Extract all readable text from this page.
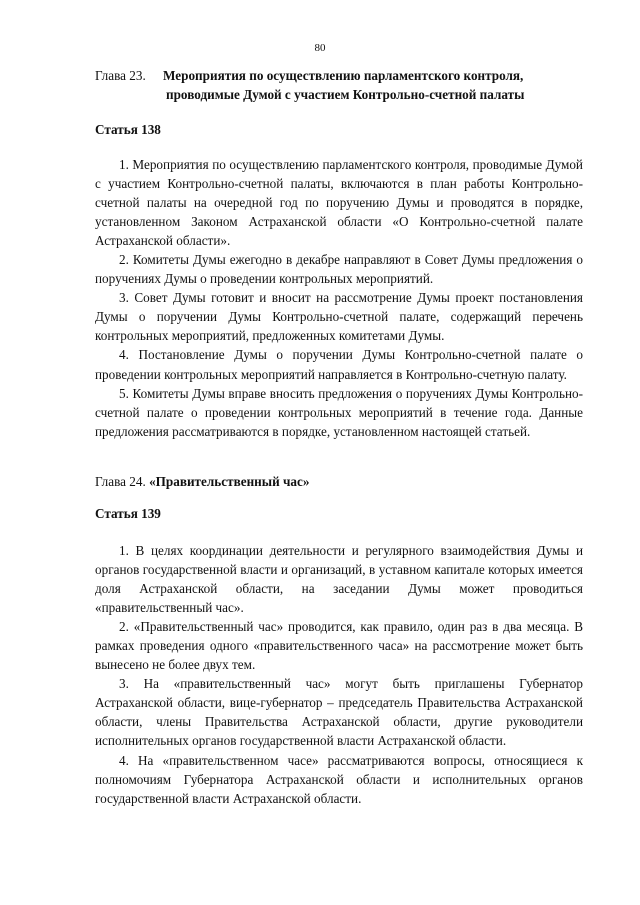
80
Глава 23. Мероприятия по осуществлению парламентского контроля,
проводимые Думой с участием Контрольно-счетной палаты
Статья 138

1. Мероприятия по осуществлению парламентского контроля, проводимые Думой с участием Контрольно-счетной палаты, включаются в план работы Контрольно-счетной палаты на очередной год по поручению Думы и проводятся в порядке, установленном Законом Астраханской области «О Контрольно-счетной палате Астраханской области».

2. Комитеты Думы ежегодно в декабре направляют в Совет Думы предложения о поручениях Думы о проведении контрольных мероприятий.

3. Совет Думы готовит и вносит на рассмотрение Думы проект постановления Думы о поручении Думы Контрольно-счетной палате, содержащий перечень контрольных мероприятий, предложенных комитетами Думы.

4. Постановление Думы о поручении Думы Контрольно-счетной палате о проведении контрольных мероприятий направляется в Контрольно-счетную палату.

5. Комитеты Думы вправе вносить предложения о поручениях Думы Контрольно-счетной палате о проведении контрольных мероприятий в течение года. Данные предложения рассматриваются в порядке, установленном настоящей статьей.

Глава 24. «Правительственный час»
Статья 139

1. В целях координации деятельности и регулярного взаимодействия Думы и органов государственной власти и организаций, в уставном капитале которых имеется доля Астраханской области, на заседании Думы может проводиться «правительственный час».

2. «Правительственный час» проводится, как правило, один раз в два месяца. В рамках проведения одного «правительственного часа» на рассмотрение может быть вынесено не более двух тем.

3. На «правительственный час» могут быть приглашены Губернатор Астраханской области, вице-губернатор – председатель Правительства Астраханской области, члены Правительства Астраханской области, другие руководители исполнительных органов государственной власти Астраханской области.

4. На «правительственном часе» рассматриваются вопросы, относящиеся к полномочиям Губернатора Астраханской области и исполнительных органов государственной власти Астраханской области.
